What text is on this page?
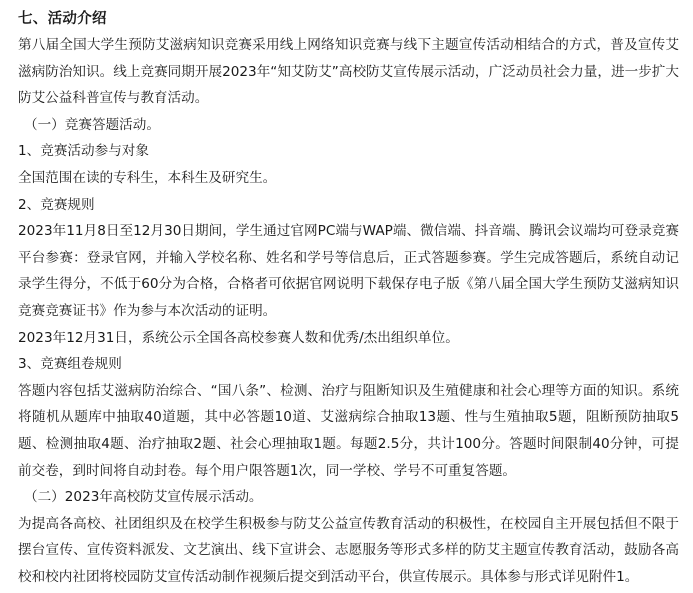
七、活动介绍

第八届全国大学生预防艾滋病知识竞赛采用线上网络知识竞赛与线下主题宣传活动相结合的方式，普及宣传艾滋病防治知识。线上竞赛同期开展2023年“知艾防艾”高校防艾宣传展示活动，广泛动员社会力量，进一步扩大防艾公益科普宣传与教育活动。

（一）竞赛答题活动。

1、竞赛活动参与对象

全国范围在读的专科生，本科生及研究生。

2、竞赛规则

2023年11月8日至12月30日期间，学生通过官网PC端与WAP端、微信端、抖音端、腾讯会议端均可登录竞赛平台参赛：登录官网，并输入学校名称、姓名和学号等信息后，正式答题参赛。学生完成答题后，系统自动记录学生得分，不低于60分为合格，合格者可依据官网说明下载保存电子版《第八届全国大学生预防艾滋病知识竞赛竞赛证书》作为参与本次活动的证明。

2023年12月31日，系统公示全国各高校参赛人数和优秀/杰出组织单位。

3、竞赛组卷规则

答题内容包括艾滋病防治综合、“国八条”、检测、治疗与阻断知识及生殖健康和社会心理等方面的知识。系统将随机从题库中抽取40道题，其中必答题10道、艾滋病综合抽取13题、性与生殖抽取5题，阻断预防抽取5题、检测抽取4题、治疗抽取2题、社会心理抽取1题。每题2.5分，共计100分。答题时间限制40分钟，可提前交卷，到时间将自动封卷。每个用户限答题1次，同一学校、学号不可重复答题。

（二）2023年高校防艾宣传展示活动。

为提高各高校、社团组织及在校学生积极参与防艾公益宣传教育活动的积极性，在校园自主开展包括但不限于摆台宣传、宣传资料派发、文艺演出、线下宣讲会、志愿服务等形式多样的防艾主题宣传教育活动，鼓励各高校和校内社团将校园防艾宣传活动制作视频后提交到活动平台，供宣传展示。具体参与形式详见附件1。
